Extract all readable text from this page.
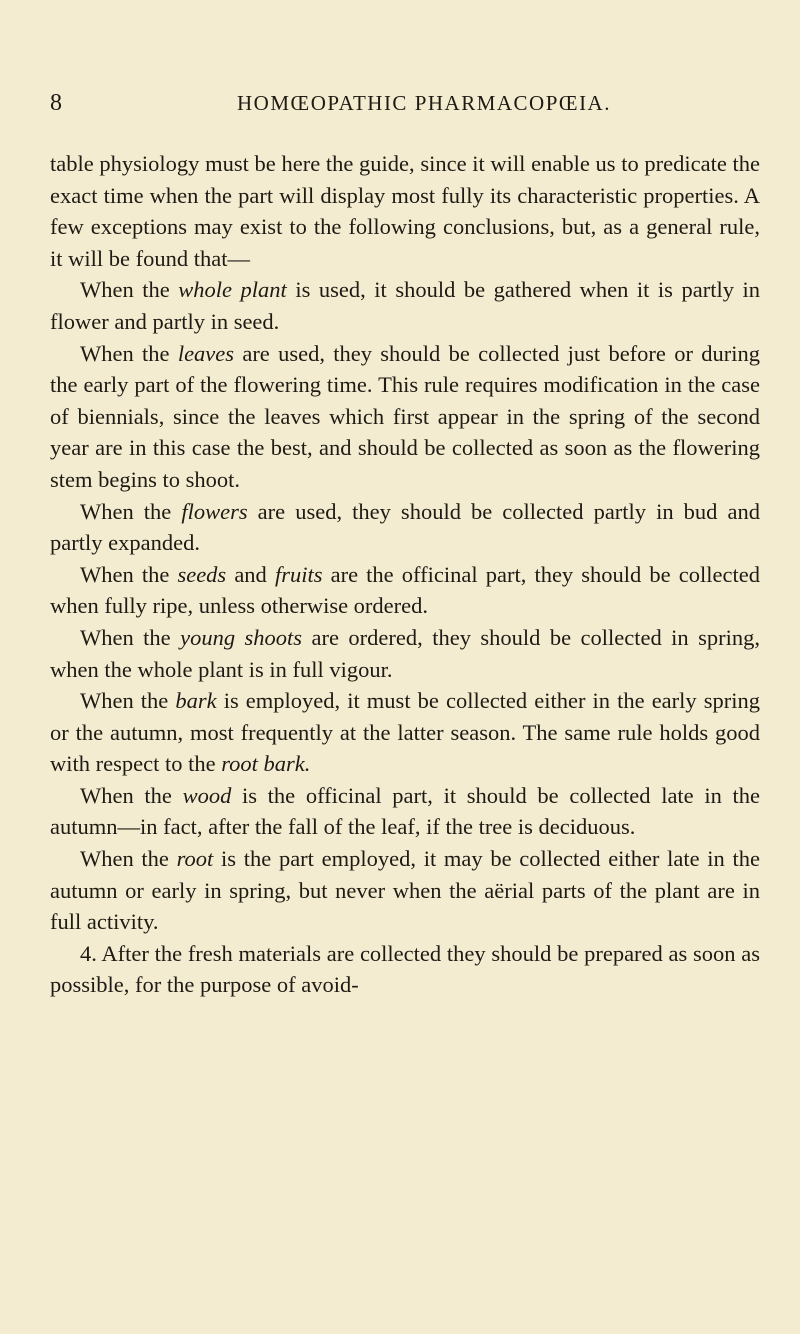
8	HOMŒOPATHIC PHARMACOPŒIA.

table physiology must be here the guide, since it will enable us to predicate the exact time when the part will display most fully its characteristic properties. A few exceptions may exist to the following conclusions, but, as a general rule, it will be found that—

When the whole plant is used, it should be gathered when it is partly in flower and partly in seed.

When the leaves are used, they should be collected just before or during the early part of the flowering time. This rule requires modification in the case of biennials, since the leaves which first appear in the spring of the second year are in this case the best, and should be collected as soon as the flowering stem begins to shoot.

When the flowers are used, they should be collected partly in bud and partly expanded.

When the seeds and fruits are the officinal part, they should be collected when fully ripe, unless otherwise ordered.

When the young shoots are ordered, they should be collected in spring, when the whole plant is in full vigour.

When the bark is employed, it must be collected either in the early spring or the autumn, most frequently at the latter season. The same rule holds good with respect to the root bark.

When the wood is the officinal part, it should be collected late in the autumn—in fact, after the fall of the leaf, if the tree is deciduous.

When the root is the part employed, it may be collected either late in the autumn or early in spring, but never when the aërial parts of the plant are in full activity.

4. After the fresh materials are collected they should be prepared as soon as possible, for the purpose of avoid-
